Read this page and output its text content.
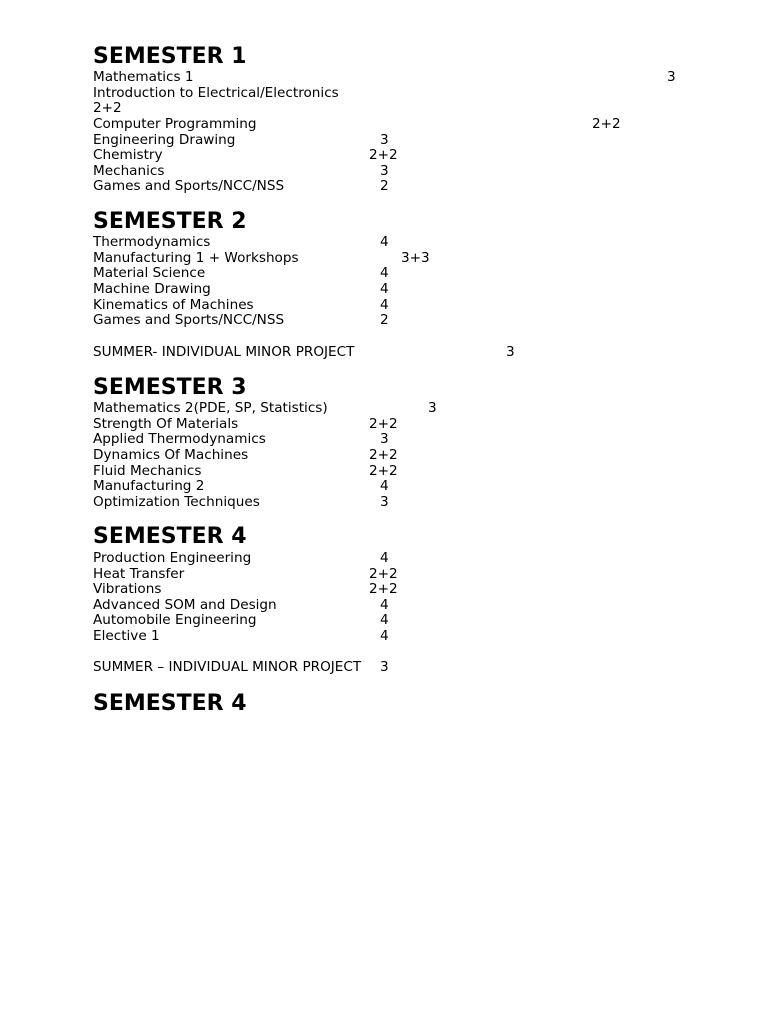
SEMESTER 1
Mathematics 1	3
Introduction to Electrical/Electronics
2+2
Computer Programming	2+2
Engineering Drawing	3
Chemistry	2+2
Mechanics	3
Games and Sports/NCC/NSS	2
SEMESTER 2
Thermodynamics	4
Manufacturing 1 + Workshops	3+3
Material Science	4
Machine Drawing	4
Kinematics of Machines	4
Games and Sports/NCC/NSS	2
SUMMER- INDIVIDUAL MINOR PROJECT	3
SEMESTER 3
Mathematics 2(PDE, SP, Statistics)	3
Strength Of Materials	2+2
Applied Thermodynamics	3
Dynamics Of Machines	2+2
Fluid Mechanics	2+2
Manufacturing 2	4
Optimization Techniques	3
SEMESTER 4
Production Engineering	4
Heat Transfer	2+2
Vibrations	2+2
Advanced SOM and Design	4
Automobile Engineering	4
Elective 1	4
SUMMER – INDIVIDUAL MINOR PROJECT 3
SEMESTER 4
